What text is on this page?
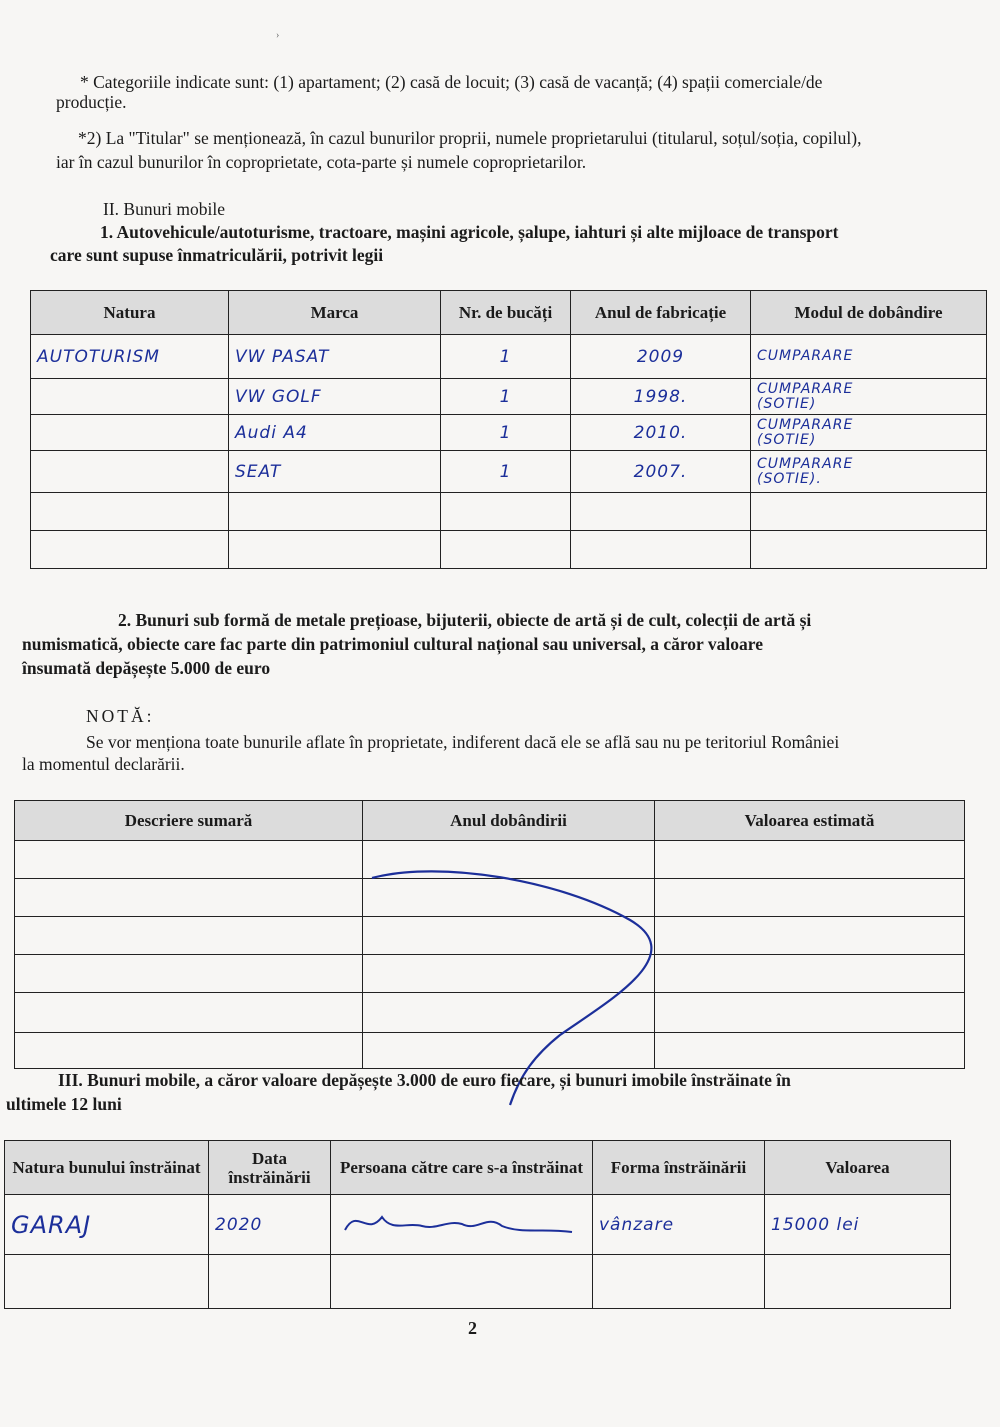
›
* Categoriile indicate sunt: (1) apartament; (2) casă de locuit; (3) casă de vacanță; (4) spații comerciale/de
producție.
*2) La "Titular" se menționează, în cazul bunurilor proprii, numele proprietarului (titularul, soțul/soția, copilul),
iar în cazul bunurilor în coproprietate, cota-parte și numele coproprietarilor.
II. Bunuri mobile
1. Autovehicule/autoturisme, tractoare, mașini agricole, șalupe, iahturi și alte mijloace de transport
care sunt supuse înmatriculării, potrivit legii
Natura	Marca	Nr. de bucăți	Anul de fabricație	Modul de dobândire
AUTOTURISM	VW PASAT	1	2009	CUMPARARE

	VW GOLF	1	1998.	CUMPARARE
(SOTIE)

	Audi A4	1	2010.	CUMPARARE
(SOTIE)

	SEAT	1	2007.	CUMPARARE
(SOTIE).

2. Bunuri sub formă de metale prețioase, bijuterii, obiecte de artă și de cult, colecții de artă și
numismatică, obiecte care fac parte din patrimoniul cultural național sau universal, a căror valoare
însumată depășește 5.000 de euro
NOTĂ:
Se vor menționa toate bunurile aflate în proprietate, indiferent dacă ele se află sau nu pe teritoriul României
la momentul declarării.
Descriere sumară	Anul dobândirii	Valoarea estimată

III. Bunuri mobile, a căror valoare depășește 3.000 de euro fiecare, și bunuri imobile înstrăinate în
ultimele 12 luni
Natura bunului înstrăinat	Data înstrăinării	Persoana către care s-a înstrăinat	Forma înstrăinării	Valoarea
GARAJ	2020		vânzare	15000 lei

2
